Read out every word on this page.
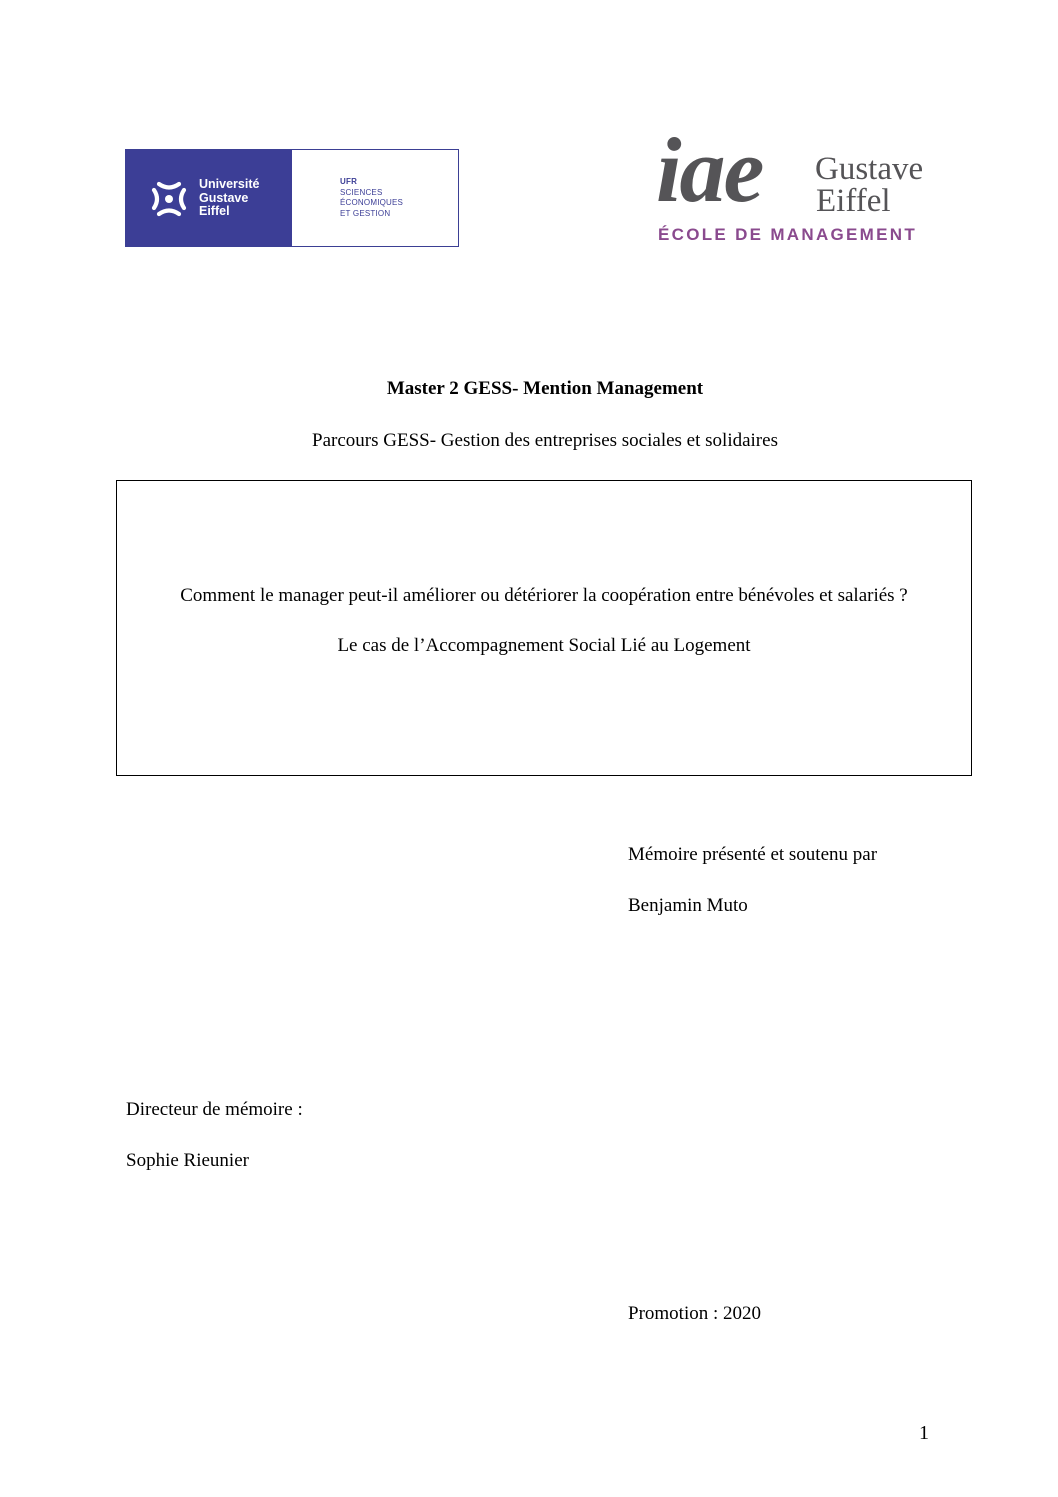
Université
Gustave
Eiffel
UFR
SCIENCES
ÉCONOMIQUES
ET GESTION	iae Gustave
Eiffel
ÉCOLE DE MANAGEMENT
Master 2 GESS- Mention Management
Parcours GESS- Gestion des entreprises sociales et solidaires
Comment le manager peut-il améliorer ou détériorer la coopération entre bénévoles et salariés ?
Le cas de l’Accompagnement Social Lié au Logement
Mémoire présenté et soutenu par
Benjamin Muto
Directeur de mémoire :
Sophie Rieunier
Promotion : 2020
1
